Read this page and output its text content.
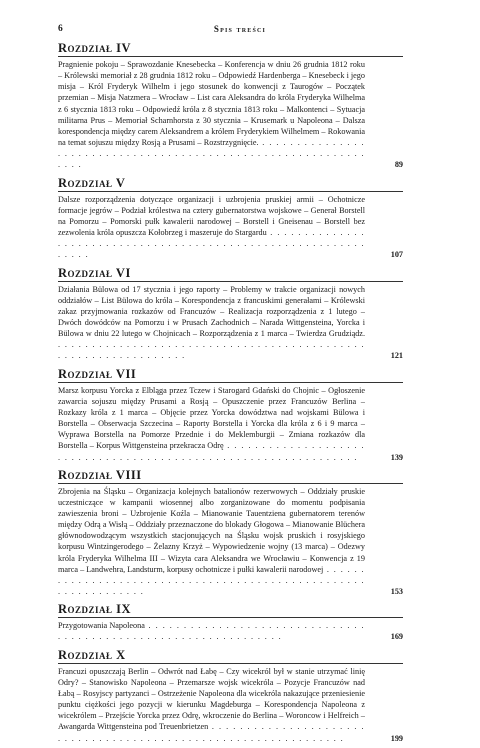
6	Spis treści
Rozdział IV
Pragnienie pokoju – Sprawozdanie Knesebecka – Konferencja w dniu 26 grudnia 1812 roku – Królewski memoriał z 28 grudnia 1812 roku – Odpowiedź Hardenberga – Knesebeck i jego misja – Król Fryderyk Wilhelm i jego stosunek do konwencji z Taurogów – Początek przemian – Misja Natzmera – Wrocław – List cara Aleksandra do króla Fryderyka Wilhelma z 6 stycznia 1813 roku – Odpowiedź króla z 8 stycznia 1813 roku – Malkontenci – Sytuacja militarna Prus – Memoriał Scharnhorsta z 30 stycznia – Krusemark u Napoleona – Dalsza korespondencja między carem Aleksandrem a królem Fryderykiem Wilhelmem – Rokowania na temat sojuszu między Rosją a Prusami – Rozstrzygnięcie. . . .
89
Rozdział V
Dalsze rozporządzenia dotyczące organizacji i uzbrojenia pruskiej armii – Ochotnicze formacje jegrów – Podział królestwa na cztery gubernatorstwa wojskowe – Generał Borstell na Pomorzu – Pomorski pułk kawalerii narodowej – Borstell i Gneisenau – Borstell bez zezwolenia króla opuszcza Kołobrzeg i maszeruje do Stargardu . . .
107
Rozdział VI
Działania Bülowa od 17 stycznia i jego raporty – Problemy w trakcie organizacji nowych oddziałów – List Bülowa do króla – Korespondencja z francuskimi generałami – Królewski zakaz przyjmowania rozkazów od Francuzów – Realizacja rozporządzenia z 1 lutego – Dwóch dowódców na Pomorzu i w Prusach Zachodnich – Narada Wittgensteina, Yorcka i Bülowa w dniu 22 lutego w Chojnicach – Rozporządzenia z 1 marca – Twierdza Grudziądz. . . .
121
Rozdział VII
Marsz korpusu Yorcka z Elbląga przez Tczew i Starogard Gdański do Chojnic – Ogłoszenie zawarcia sojuszu między Prusami a Rosją – Opuszczenie przez Francuzów Berlina – Rozkazy króla z 1 marca – Objęcie przez Yorcka dowództwa nad wojskami Bülowa i Borstella – Obserwacja Szczecina – Raporty Borstella i Yorcka dla króla z 6 i 9 marca – Wyprawa Borstella na Pomorze Przednie i do Meklemburgii – Zmiana rozkazów dla Borstella – Korpus Wittgensteina przekracza Odrę . . .
139
Rozdział VIII
Zbrojenia na Śląsku – Organizacja kolejnych batalionów rezerwowych – Oddziały pruskie uczestniczące w kampanii wiosennej albo zorganizowane do momentu podpisania zawieszenia broni – Uzbrojenie Koźla – Mianowanie Tauentziena gubernatorem terenów między Odrą a Wisłą – Oddziały przeznaczone do blokady Głogowa – Mianowanie Blüchera głównodowodzącym wszystkich stacjonujących na Śląsku wojsk pruskich i rosyjskiego korpusu Wintzingerodego – Żelazny Krzyż – Wypowiedzenie wojny (13 marca) – Odezwy króla Fryderyka Wilhelma III – Wizyta cara Aleksandra we Wrocławiu – Konwencja z 19 marca – Landwehra, Landsturm, korpusy ochotnicze i pułki kawalerii narodowej . . .
153
Rozdział IX
Przygotowania Napoleona . . .
169
Rozdział X
Francuzi opuszczają Berlin – Odwrót nad Łabę – Czy wicekról był w stanie utrzymać linię Odry? – Stanowisko Napoleona – Przemarsze wojsk wicekróla – Pozycje Francuzów nad Łabą – Rosyjscy partyzanci – Ostrzeżenie Napoleona dla wicekróla nakazujące przeniesienie punktu ciężkości jego pozycji w kierunku Magdeburga – Korespondencja Napoleona z wicekrólem – Przejście Yorcka przez Odrę, wkroczenie do Berlina – Woroncow i Helfreich – Awangarda Wittgensteina pod Treuenbrietzen . . .
199
